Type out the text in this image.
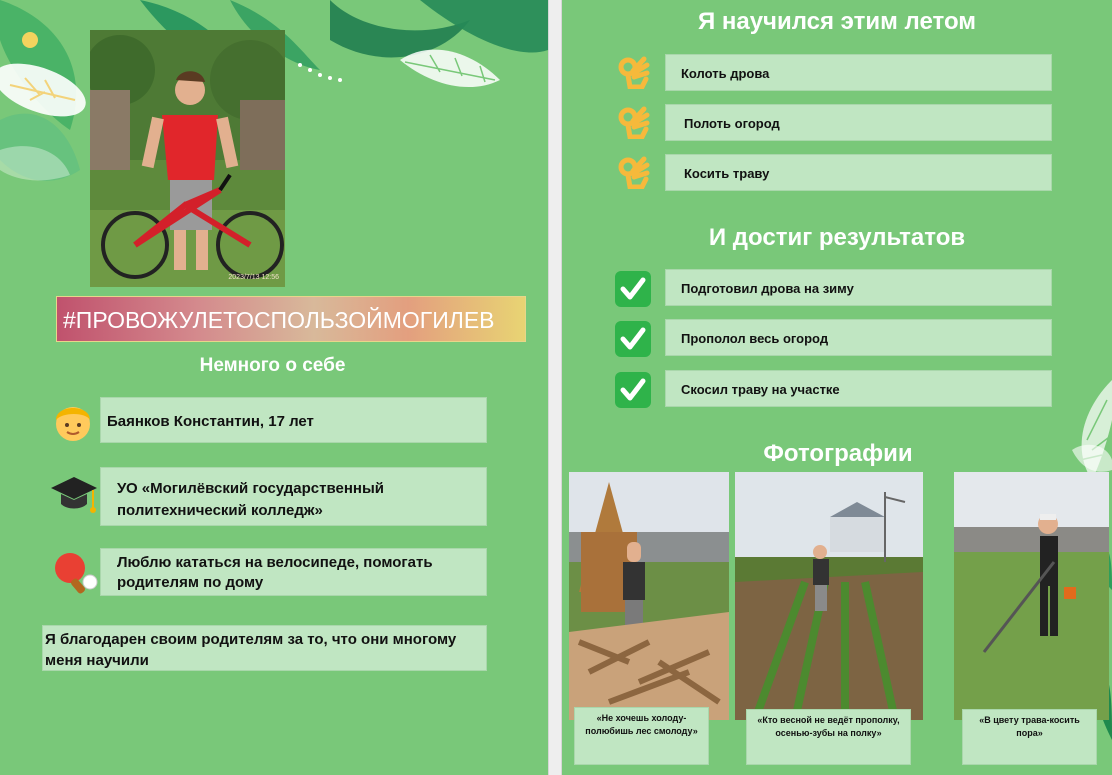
2023/7/13 12:56
#ПРОВОЖУЛЕТОСПОЛЬЗОЙМОГИЛЕВ
Немного о себе
Баянков Константин, 17 лет
УО «Могилёвский государственный политехнический колледж»
Люблю кататься на велосипеде, помогать родителям по дому
Я благодарен своим родителям за то, что они многому меня научили
Я научился этим летом
Колоть дрова
Полоть огород
Косить траву
И достиг результатов
Подготовил дрова на зиму
Прополол весь огород
Скосил траву на участке
Фотографии
«Не хочешь холоду-полюбишь лес смолоду»
«Кто весной не ведёт прополку, осенью-зубы на полку»
«В цвету трава-косить пора»
